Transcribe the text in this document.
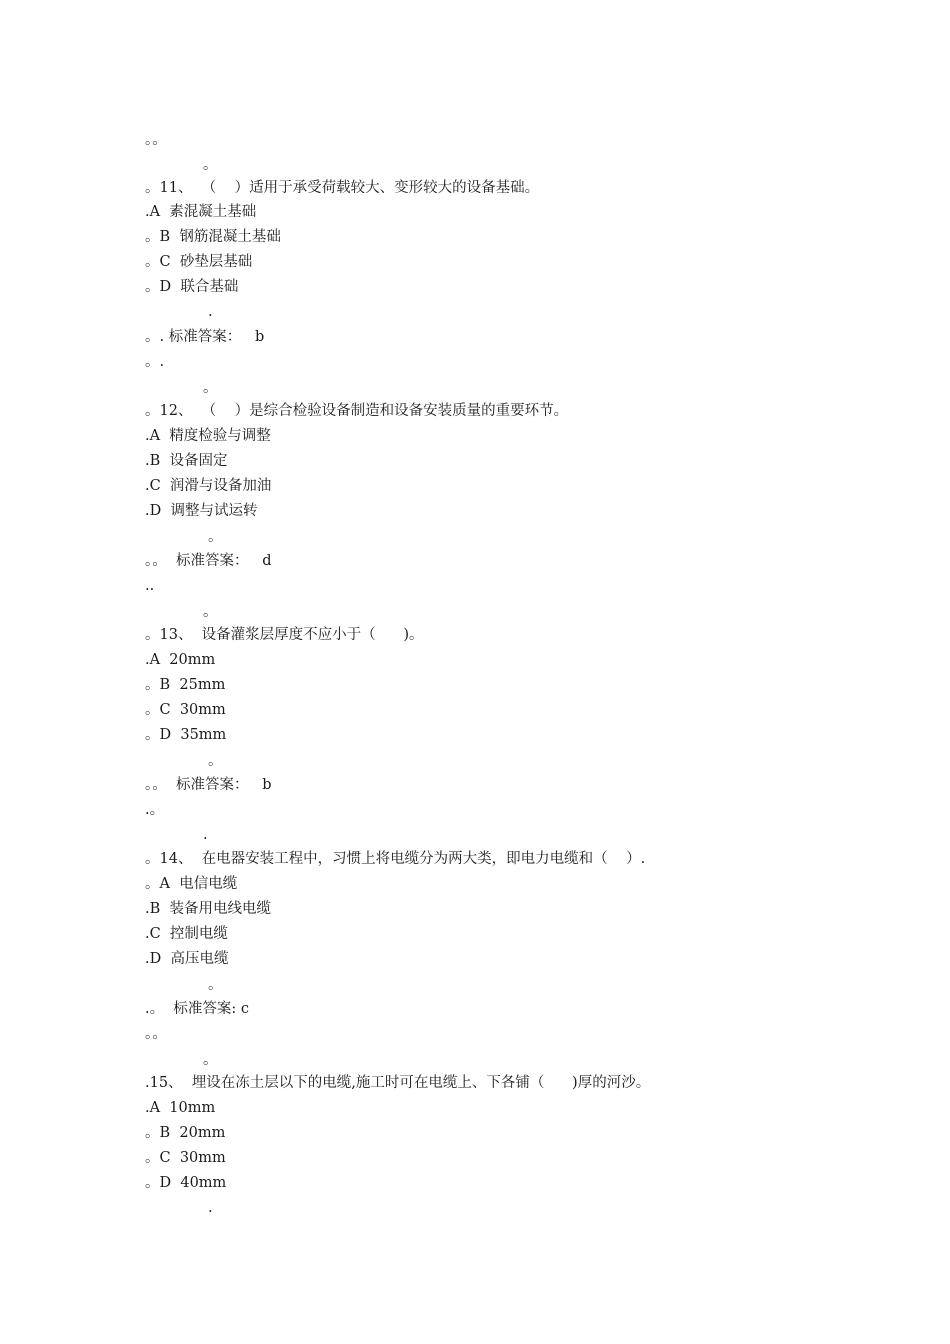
。。
。
。11、  （    ）适用于承受荷载较大、变形较大的设备基础。
.A  素混凝土基础
。B  钢筋混凝土基础
。C  砂垫层基础
。D  联合基础
.
。. 标准答案：   b
。.
。
。12、  （    ）是综合检验设备制造和设备安装质量的重要环节。
.A  精度检验与调整
.B  设备固定
.C  润滑与设备加油
.D  调整与试运转
。
。。  标准答案：   d
..
。
。13、  设备灌浆层厚度不应小于（      )。
.A  20mm
。B  25mm
。C  30mm
。D  35mm
。
。。  标准答案：   b
.。
.
。14、  在电器安装工程中，习惯上将电缆分为两大类，即电力电缆和（    ）.
。A  电信电缆
.B  装备用电线电缆
.C  控制电缆
.D  高压电缆
。
.。  标准答案: c
。。
。
.15、  埋设在冻土层以下的电缆,施工时可在电缆上、下各铺（      )厚的河沙。
.A  10mm
。B  20mm
。C  30mm
。D  40mm
.
